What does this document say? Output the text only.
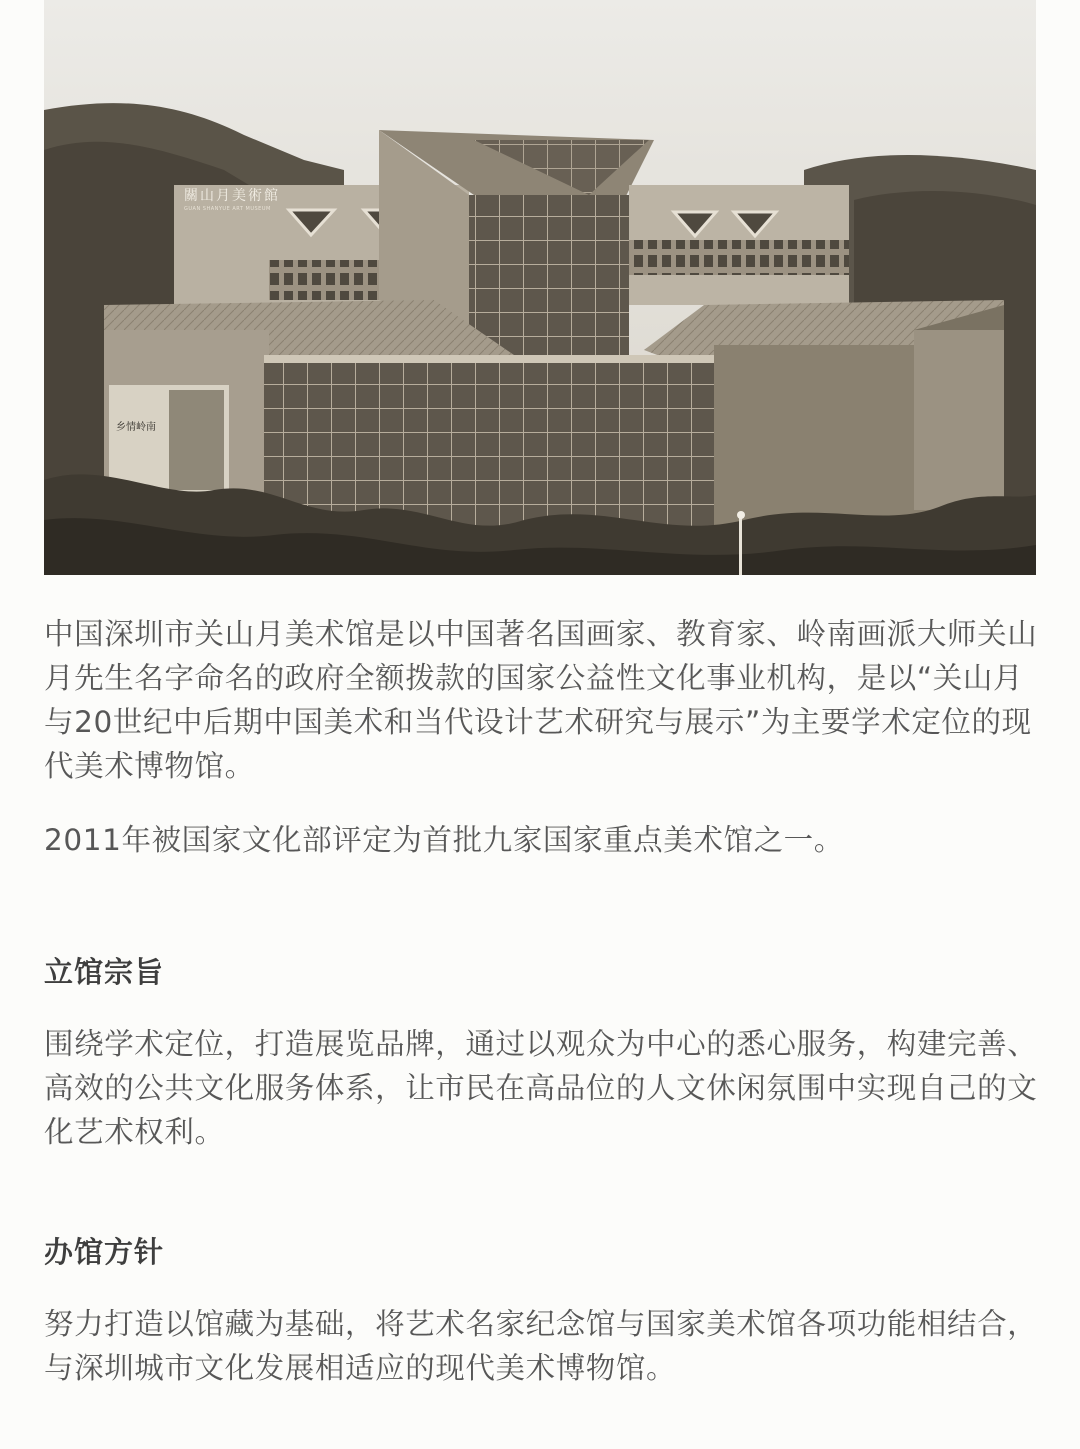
關山月美術館
GUAN SHANYUE ART MUSEUM
乡情岭南
中国深圳市关山月美术馆是以中国著名国画家、教育家、岭南画派大师关山月先生名字命名的政府全额拨款的国家公益性文化事业机构，是以“关山月与20世纪中后期中国美术和当代设计艺术研究与展示”为主要学术定位的现代美术博物馆。
2011年被国家文化部评定为首批九家国家重点美术馆之一。
立馆宗旨
围绕学术定位，打造展览品牌，通过以观众为中心的悉心服务，构建完善、高效的公共文化服务体系，让市民在高品位的人文休闲氛围中实现自己的文化艺术权利。
办馆方针
努力打造以馆藏为基础，将艺术名家纪念馆与国家美术馆各项功能相结合，与深圳城市文化发展相适应的现代美术博物馆。
